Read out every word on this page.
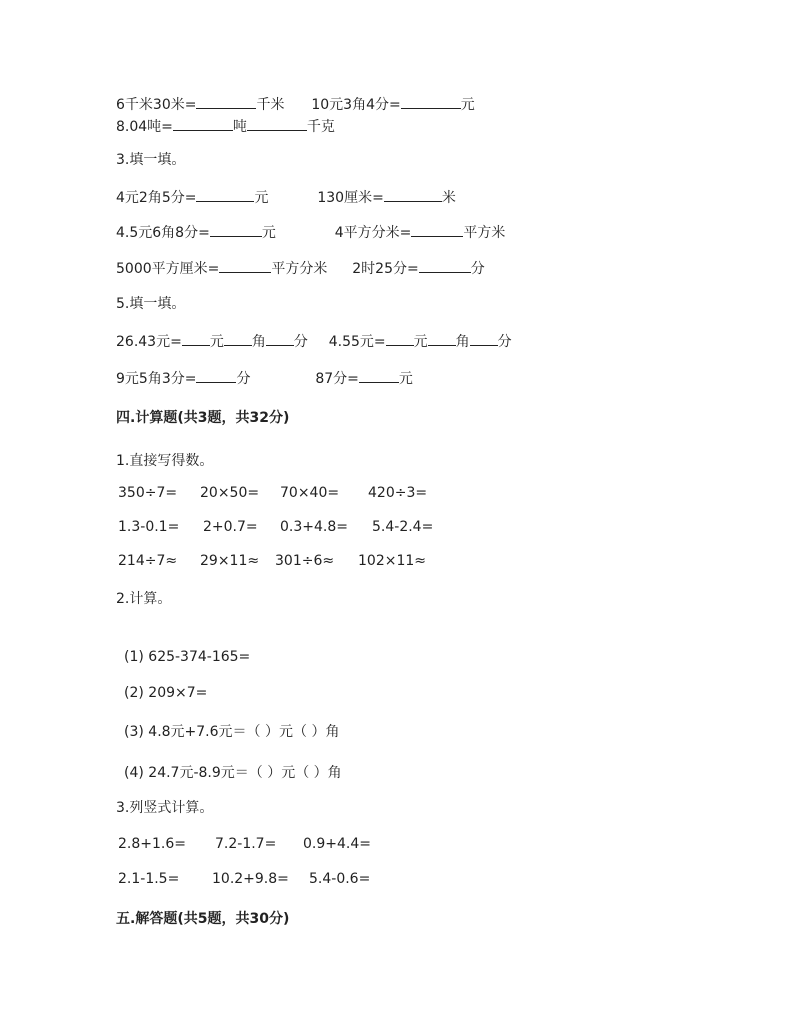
6千米30米=	千米 10元3角4分=	元
8.04吨=	吨	千克
3.填一填。
4元2角5分=	元	130厘米=	米
4.5元6角8分=	元	4平方分米=	平方米
5000平方厘米=	平方分米 2时25分=	分
5.填一填。
26.43元= 元 角 分 4.55元= 元 角 分
9元5角3分=	分	87分=	元
四.计算题(共3题，共32分)
1.直接写得数。
350÷7= 20×50= 70×40= 420÷3=
1.3-0.1= 2+0.7= 0.3+4.8= 5.4-2.4=
214÷7≈ 29×11≈ 301÷6≈ 102×11≈
2.计算。
(1) 625-374-165=
(2) 209×7=
(3) 4.8元+7.6元＝（ ）元（ ）角
(4) 24.7元-8.9元＝（ ）元（ ）角
3.列竖式计算。
2.8+1.6= 7.2-1.7= 0.9+4.4=
2.1-1.5= 10.2+9.8= 5.4-0.6=
五.解答题(共5题，共30分)
